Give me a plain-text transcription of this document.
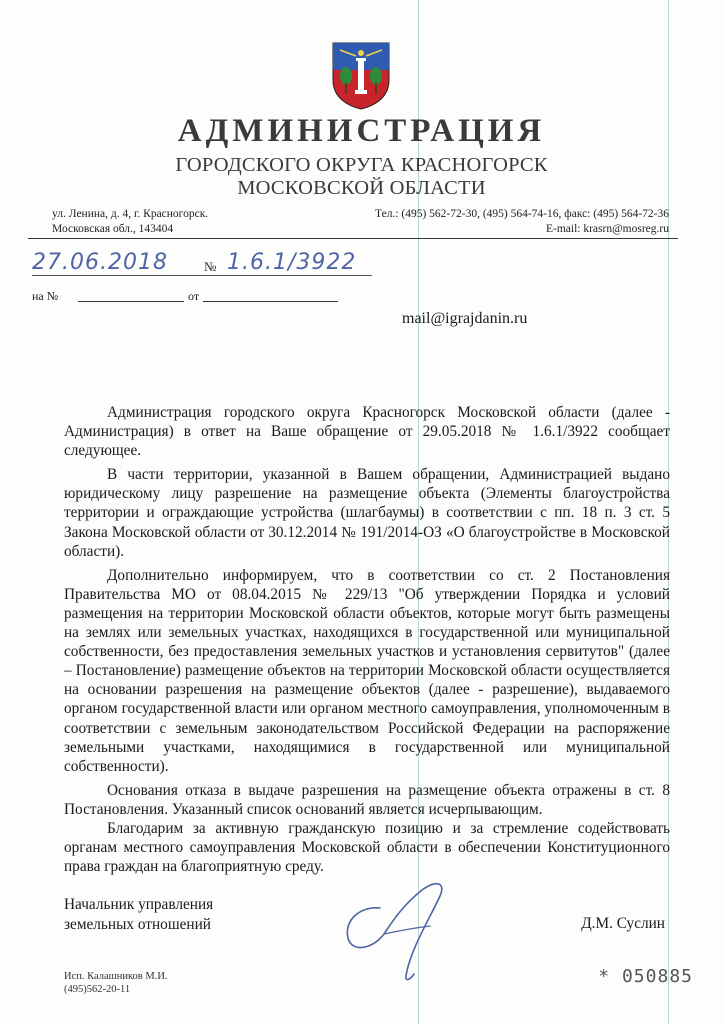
АДМИНИСТРАЦИЯ
ГОРОДСКОГО ОКРУГА КРАСНОГОРСК
МОСКОВСКОЙ ОБЛАСТИ
ул. Ленина, д. 4, г. Красногорск.
Московская обл., 143404
Тел.: (495) 562-72-30, (495) 564-74-16, факс: (495) 564-72-36
E-mail: krasrn@mosreg.ru
27.06.2018	№ 1.6.1/3922
на №	от
mail@igrajdanin.ru

Администрация городского округа Красногорск Московской области (далее - Администрация) в ответ на Ваше обращение от 29.05.2018 № 1.6.1/3922 сообщает следующее.

В части территории, указанной в Вашем обращении, Администрацией выдано юридическому лицу разрешение на размещение объекта (Элементы благоустройства территории и ограждающие устройства (шлагбаумы) в соответствии с пп. 18 п. 3 ст. 5 Закона Московской области от 30.12.2014 № 191/2014-ОЗ «О благоустройстве в Московской области).

Дополнительно информируем, что в соответствии со ст. 2 Постановления Правительства МО от 08.04.2015 № 229/13 "Об утверждении Порядка и условий размещения на территории Московской области объектов, которые могут быть размещены на землях или земельных участках, находящихся в государственной или муниципальной собственности, без предоставления земельных участков и установления сервитутов" (далее – Постановление) размещение объектов на территории Московской области осуществляется на основании разрешения на размещение объектов (далее - разрешение), выдаваемого органом государственной власти или органом местного самоуправления, уполномоченным в соответствии с земельным законодательством Российской Федерации на распоряжение земельными участками, находящимися в государственной или муниципальной собственности).

Основания отказа в выдаче разрешения на размещение объекта отражены в ст. 8 Постановления. Указанный список оснований является исчерпывающим.

Благодарим за активную гражданскую позицию и за стремление содействовать органам местного самоуправления Московской области в обеспечении Конституционного права граждан на благоприятную среду.

Начальник управления
земельных отношений	Д.М. Суслин
Исп. Калашников М.И.
(495)562-20-11
* 050885
